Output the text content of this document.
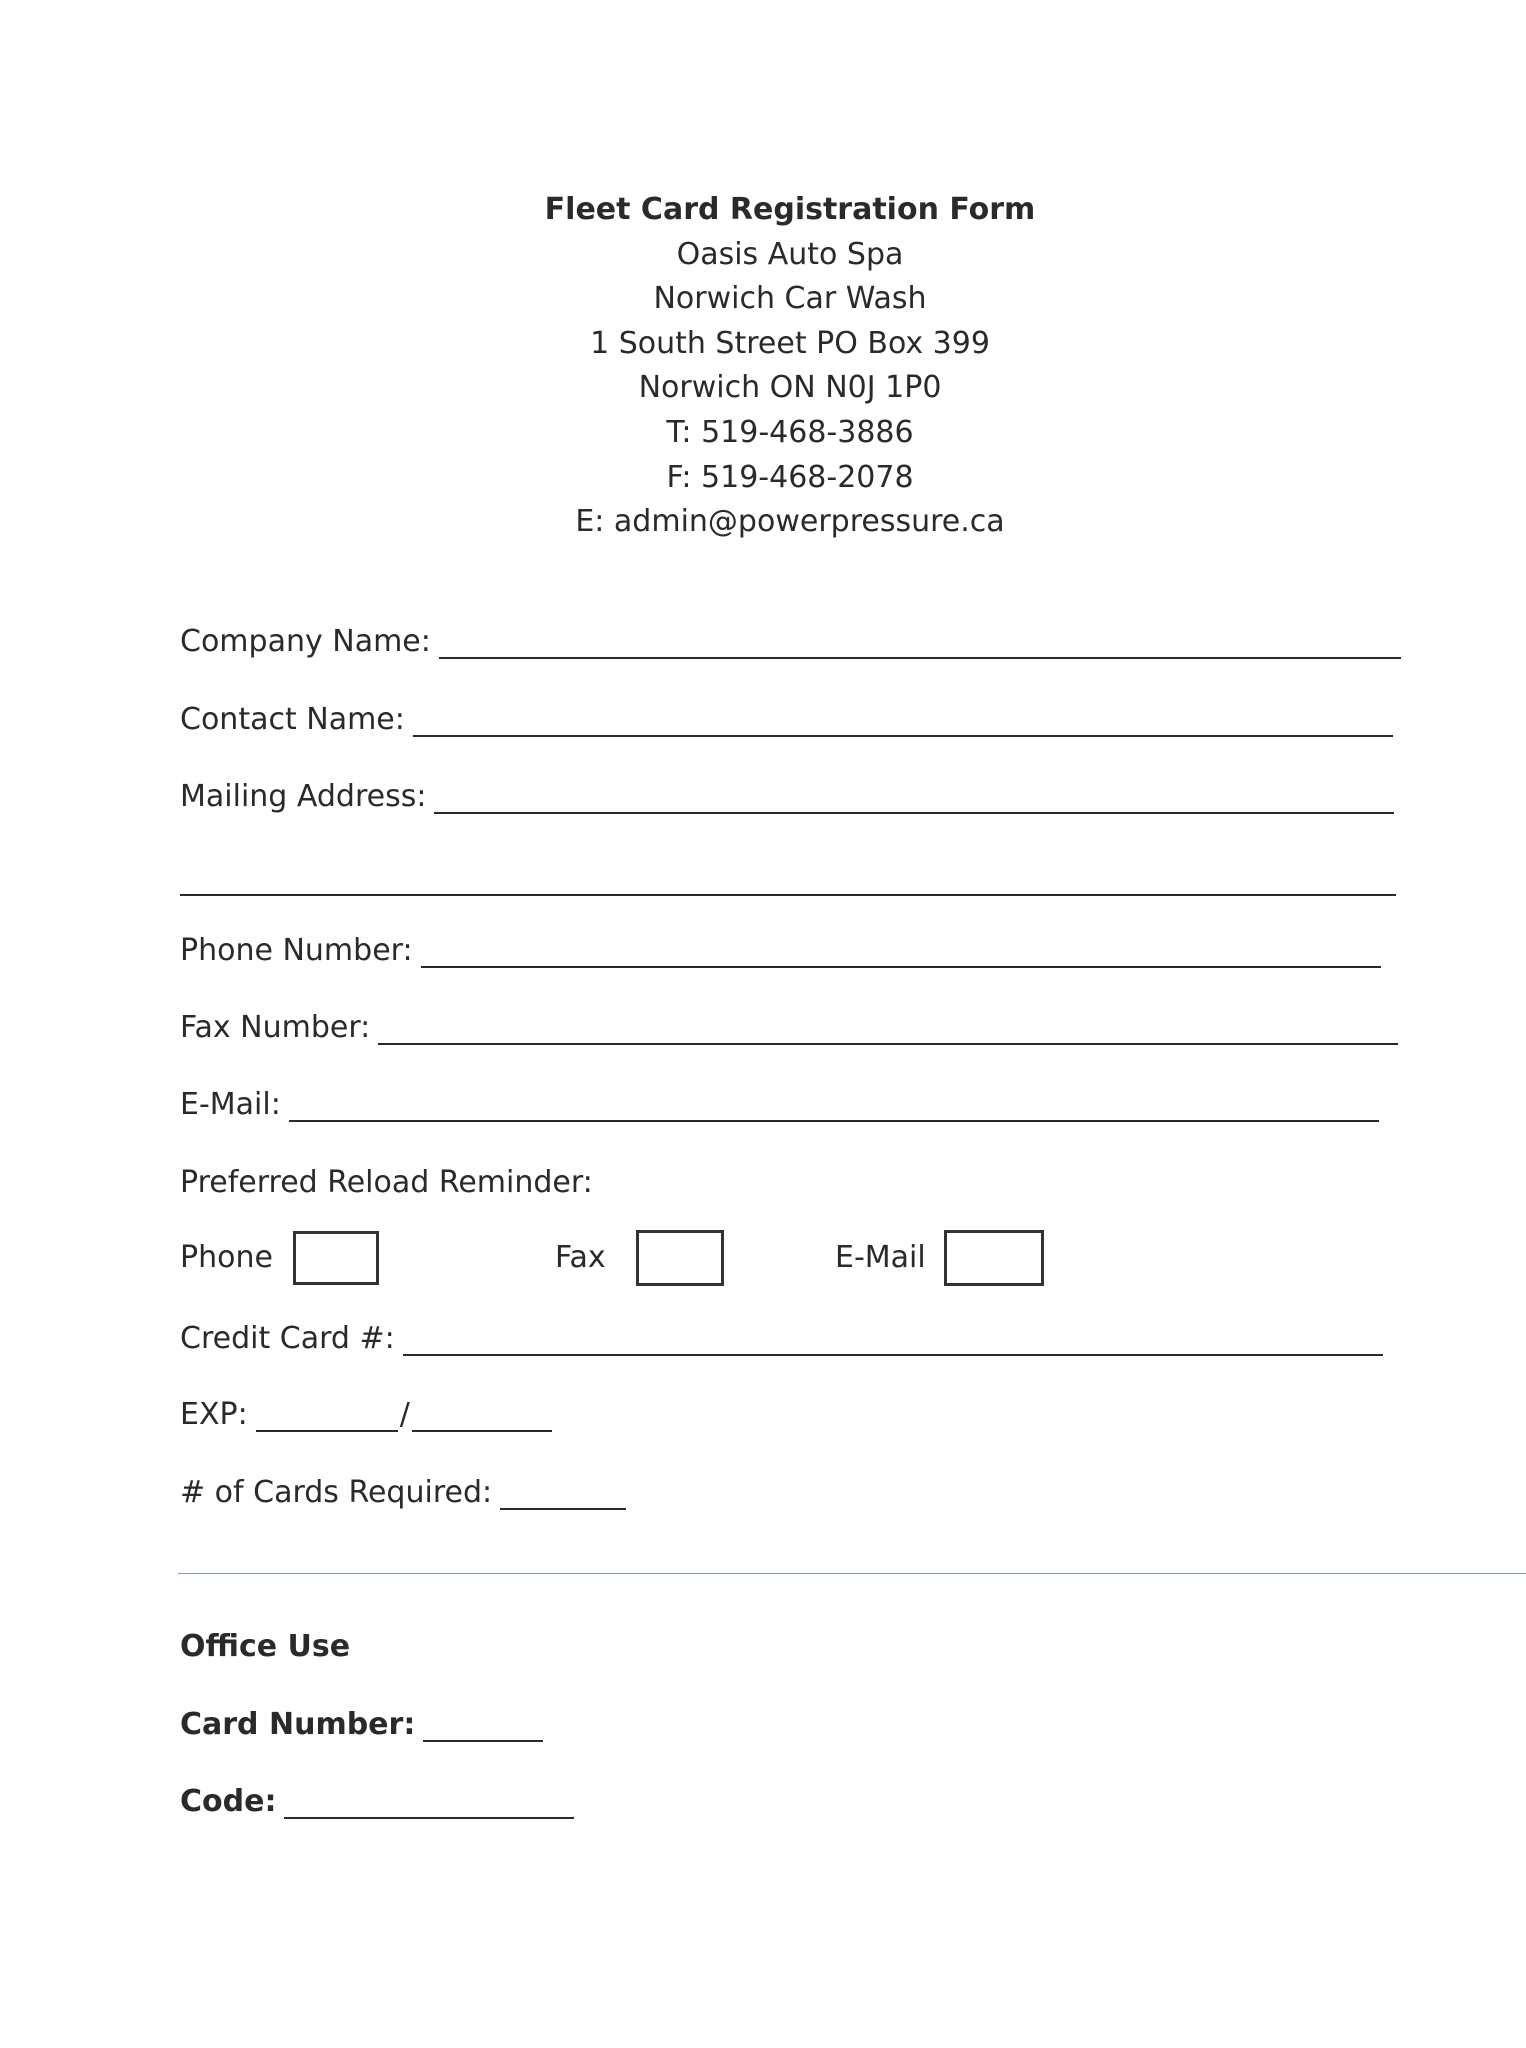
Fleet Card Registration Form
Oasis Auto Spa
Norwich Car Wash
1 South Street PO Box 399
Norwich ON N0J 1P0
T: 519-468-3886
F: 519-468-2078
E: admin@powerpressure.ca
Company Name:
Contact Name:
Mailing Address:
Phone Number:
Fax Number:
E-Mail:
Preferred Reload Reminder:
Phone	Fax	E-Mail
Credit Card #:
EXP:	/
# of Cards Required:
Office Use
Card Number:
Code:
